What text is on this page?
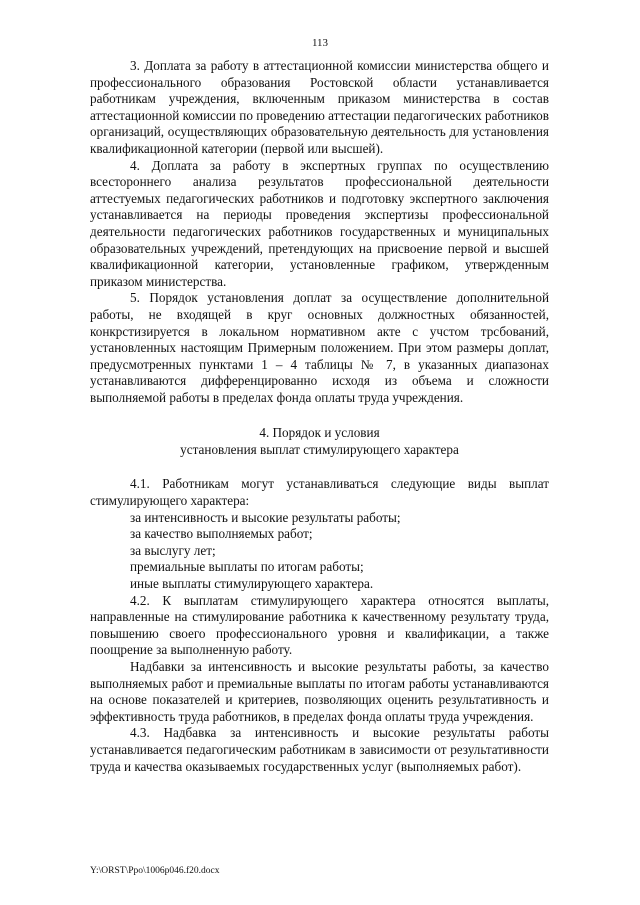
113

3. Доплата за работу в аттестационной комиссии министерства общего и профессионального образования Ростовской области устанавливается работникам учреждения, включенным приказом министерства в состав аттестационной комиссии по проведению аттестации педагогических работников организаций, осуществляющих образовательную деятельность для установления квалификационной категории (первой или высшей).

4. Доплата за работу в экспертных группах по осуществлению всестороннего анализа результатов профессиональной деятельности аттестуемых педагогических работников и подготовку экспертного заключения устанавливается на периоды проведения экспертизы профессиональной деятельности педагогических работников государственных и муниципальных образовательных учреждений, претендующих на присвоение первой и высшей квалификационной категории, установленные графиком, утвержденным приказом министерства.

5. Порядок установления доплат за осуществление дополнительной работы, не входящей в круг основных должностных обязанностей, конкрстизируется в локальном нормативном акте с учстом трсбований, установленных настоящим Примерным положением. При этом размеры доплат, предусмотренных пунктами 1 – 4 таблицы № 7, в указанных диапазонах устанавливаются дифференцированно исходя из объема и сложности выполняемой работы в пределах фонда оплаты труда учреждения.

4. Порядок и условия
установления выплат стимулирующего характера

4.1. Работникам могут устанавливаться следующие виды выплат стимулирующего характера:

за интенсивность и высокие результаты работы;

за качество выполняемых работ;

за выслугу лет;

премиальные выплаты по итогам работы;

иные выплаты стимулирующего характера.

4.2. К выплатам стимулирующего характера относятся выплаты, направленные на стимулирование работника к качественному результату труда, повышению своего профессионального уровня и квалификации, а также поощрение за выполненную работу.

Надбавки за интенсивность и высокие результаты работы, за качество выполняемых работ и премиальные выплаты по итогам работы устанавливаются на основе показателей и критериев, позволяющих оценить результативность и эффективность труда работников, в пределах фонда оплаты труда учреждения.

4.3. Надбавка за интенсивность и высокие результаты работы устанавливается педагогическим работникам в зависимости от результативности труда и качества оказываемых государственных услуг (выполняемых работ).

Y:\ORST\Ppo\1006p046.f20.docx
